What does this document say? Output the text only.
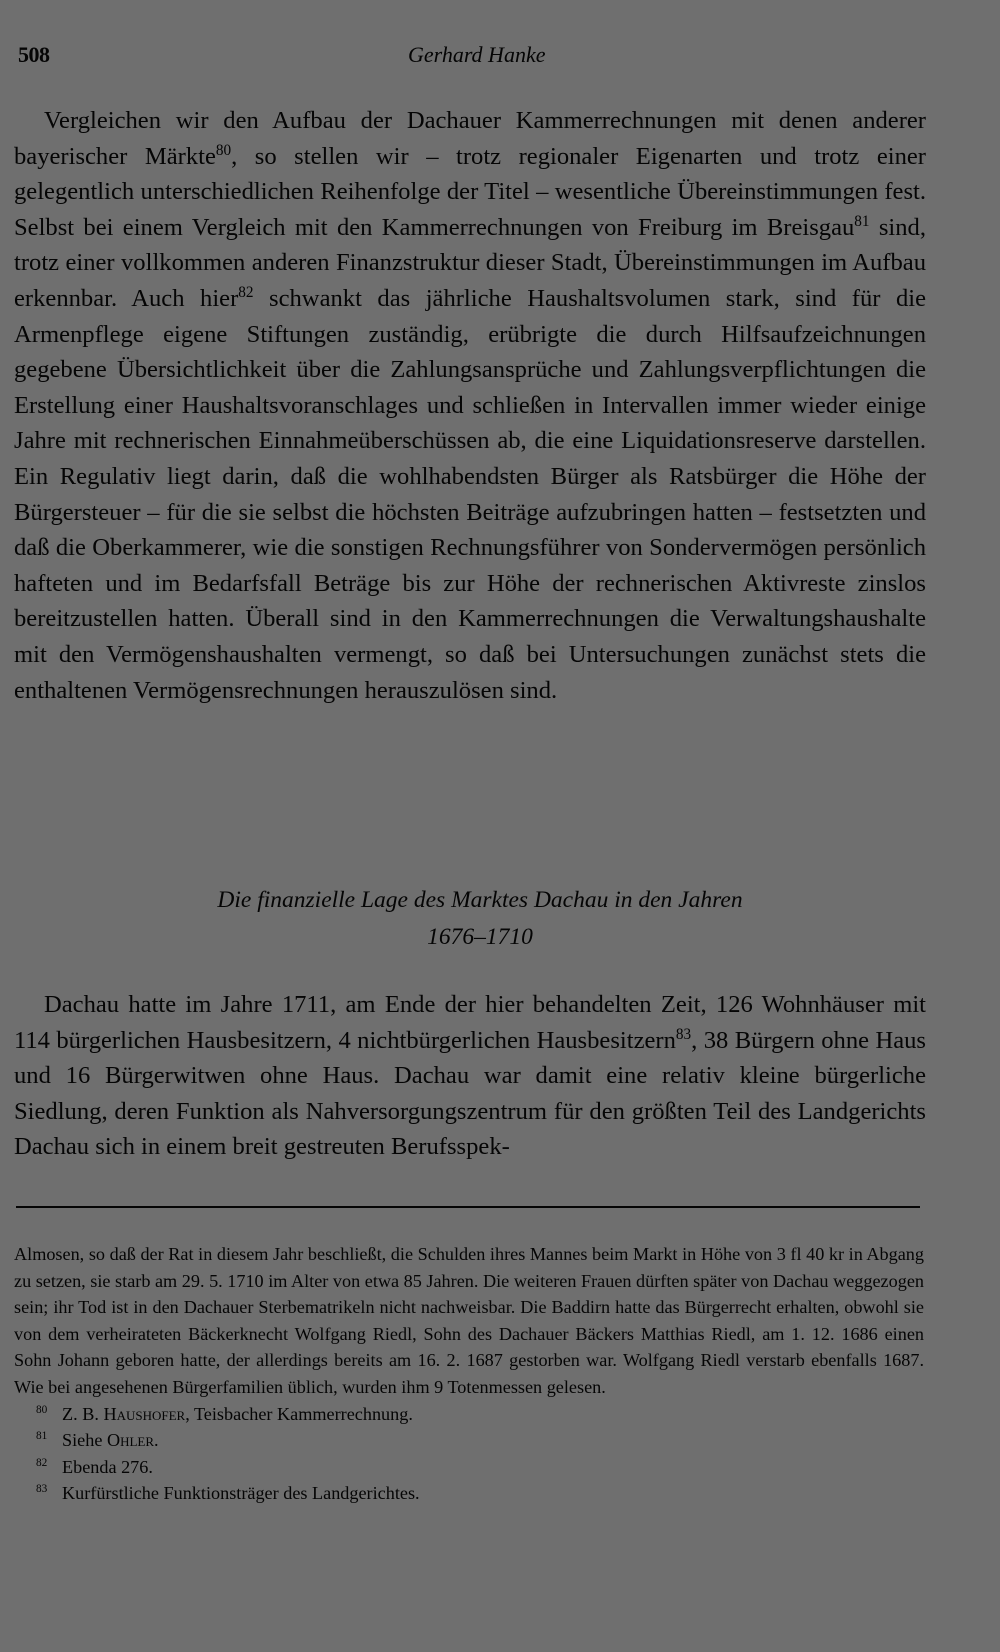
508	Gerhard Hanke

Vergleichen wir den Aufbau der Dachauer Kammerrechnungen mit denen anderer bayerischer Märkte$^{80}$, so stellen wir – trotz regionaler Eigenarten und trotz einer gelegentlich unterschiedlichen Reihenfolge der Titel – wesentliche Übereinstimmungen fest. Selbst bei einem Vergleich mit den Kammerrechnungen von Freiburg im Breisgau$^{81}$ sind, trotz einer vollkommen anderen Finanzstruktur dieser Stadt, Übereinstimmungen im Aufbau erkennbar. Auch hier$^{82}$ schwankt das jährliche Haushaltsvolumen stark, sind für die Armenpflege eigene Stiftungen zuständig, erübrigte die durch Hilfsaufzeichnungen gegebene Übersichtlichkeit über die Zahlungsansprüche und Zahlungsverpflichtungen die Erstellung einer Haushaltsvoranschlages und schließen in Intervallen immer wieder einige Jahre mit rechnerischen Einnahmeüberschüssen ab, die eine Liquidationsreserve darstellen. Ein Regulativ liegt darin, daß die wohlhabendsten Bürger als Ratsbürger die Höhe der Bürgersteuer – für die sie selbst die höchsten Beiträge aufzubringen hatten – festsetzten und daß die Oberkammerer, wie die sonstigen Rechnungsführer von Sondervermögen persönlich hafteten und im Bedarfsfall Beträge bis zur Höhe der rechnerischen Aktivreste zinslos bereitzustellen hatten. Überall sind in den Kammerrechnungen die Verwaltungshaushalte mit den Vermögenshaushalten vermengt, so daß bei Untersuchungen zunächst stets die enthaltenen Vermögensrechnungen herauszulösen sind.

Die finanzielle Lage des Marktes Dachau in den Jahren
1676–1710

Dachau hatte im Jahre 1711, am Ende der hier behandelten Zeit, 126 Wohnhäuser mit 114 bürgerlichen Hausbesitzern, 4 nichtbürgerlichen Hausbesitzern$^{83}$, 38 Bürgern ohne Haus und 16 Bürgerwitwen ohne Haus. Dachau war damit eine relativ kleine bürgerliche Siedlung, deren Funktion als Nahversorgungszentrum für den größten Teil des Landgerichts Dachau sich in einem breit gestreuten Berufsspek-

Almosen, so daß der Rat in diesem Jahr beschließt, die Schulden ihres Mannes beim Markt in Höhe von 3 fl 40 kr in Abgang zu setzen, sie starb am 29. 5. 1710 im Alter von etwa 85 Jahren. Die weiteren Frauen dürften später von Dachau weggezogen sein; ihr Tod ist in den Dachauer Sterbematrikeln nicht nachweisbar. Die Baddirn hatte das Bürgerrecht erhalten, obwohl sie von dem verheirateten Bäckerknecht Wolfgang Riedl, Sohn des Dachauer Bäckers Matthias Riedl, am 1. 12. 1686 einen Sohn Johann geboren hatte, der allerdings bereits am 16. 2. 1687 gestorben war. Wolfgang Riedl verstarb ebenfalls 1687. Wie bei angesehenen Bürgerfamilien üblich, wurden ihm 9 Totenmessen gelesen.

$^{80}$ Z. B. Haushofer, Teisbacher Kammerrechnung.

$^{81}$ Siehe Ohler.

$^{82}$ Ebenda 276.

$^{83}$ Kurfürstliche Funktionsträger des Landgerichtes.
